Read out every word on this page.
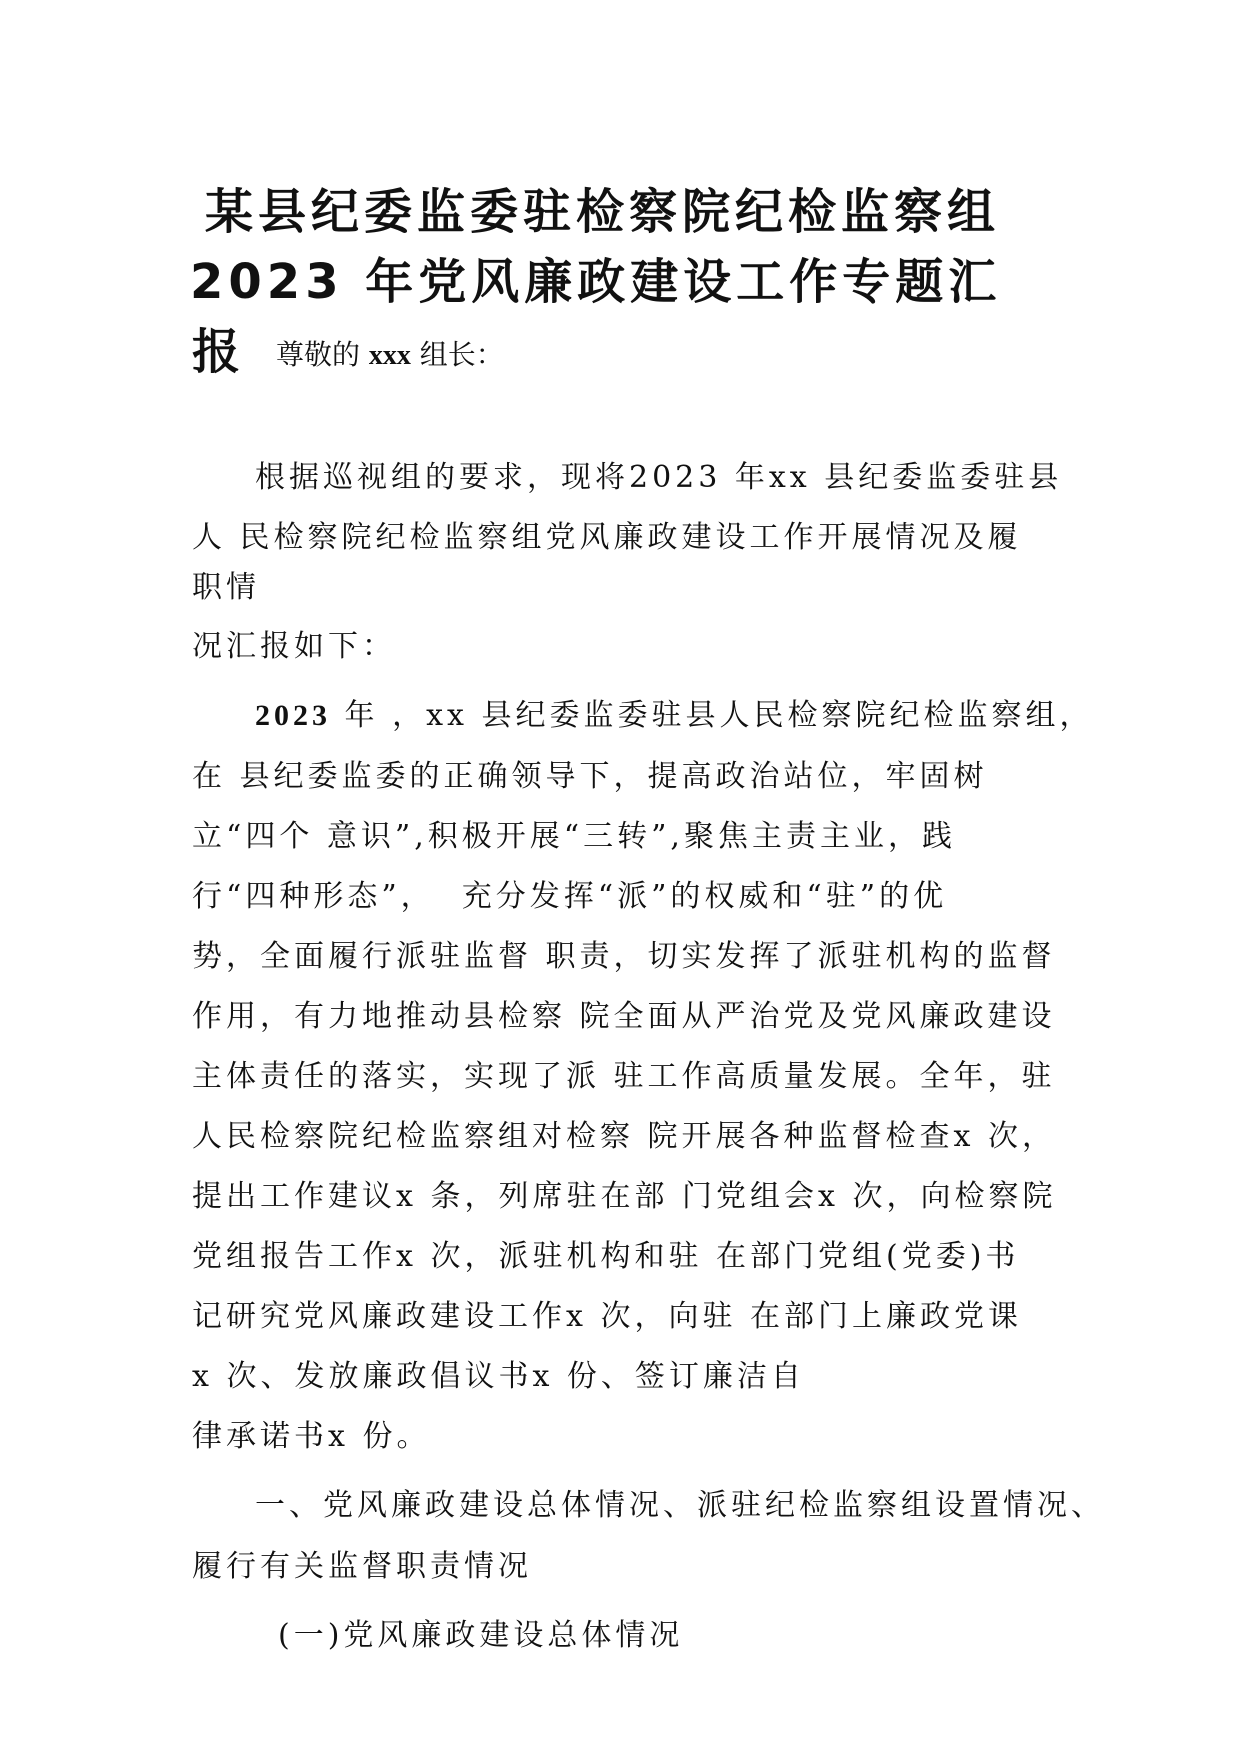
某县纪委监委驻检察院纪检监察组
2023 年党风廉政建设工作专题汇
报 尊敬的 xxx 组长：
根据巡视组的要求，现将2023 年xx 县纪委监委驻县
人 民检察院纪检监察组党风廉政建设工作开展情况及履
职情
况汇报如下：
2023 年 ，xx 县纪委监委驻县人民检察院纪检监察组，
在 县纪委监委的正确领导下，提高政治站位，牢固树
立“四个 意识”,积极开展“三转”,聚焦主责主业，践
行“四种形态”，  充分发挥“派”的权威和“驻”的优
势，全面履行派驻监督 职责，切实发挥了派驻机构的监督
作用，有力地推动县检察 院全面从严治党及党风廉政建设
主体责任的落实，实现了派 驻工作高质量发展。全年，驻
人民检察院纪检监察组对检察 院开展各种监督检查x 次，
提出工作建议x 条，列席驻在部 门党组会x 次，向检察院
党组报告工作x 次，派驻机构和驻 在部门党组(党委)书
记研究党风廉政建设工作x 次，向驻 在部门上廉政党课
x 次、发放廉政倡议书x 份、签订廉洁自
律承诺书x 份。
一、党风廉政建设总体情况、派驻纪检监察组设置情况、
履行有关监督职责情况
(一)党风廉政建设总体情况
